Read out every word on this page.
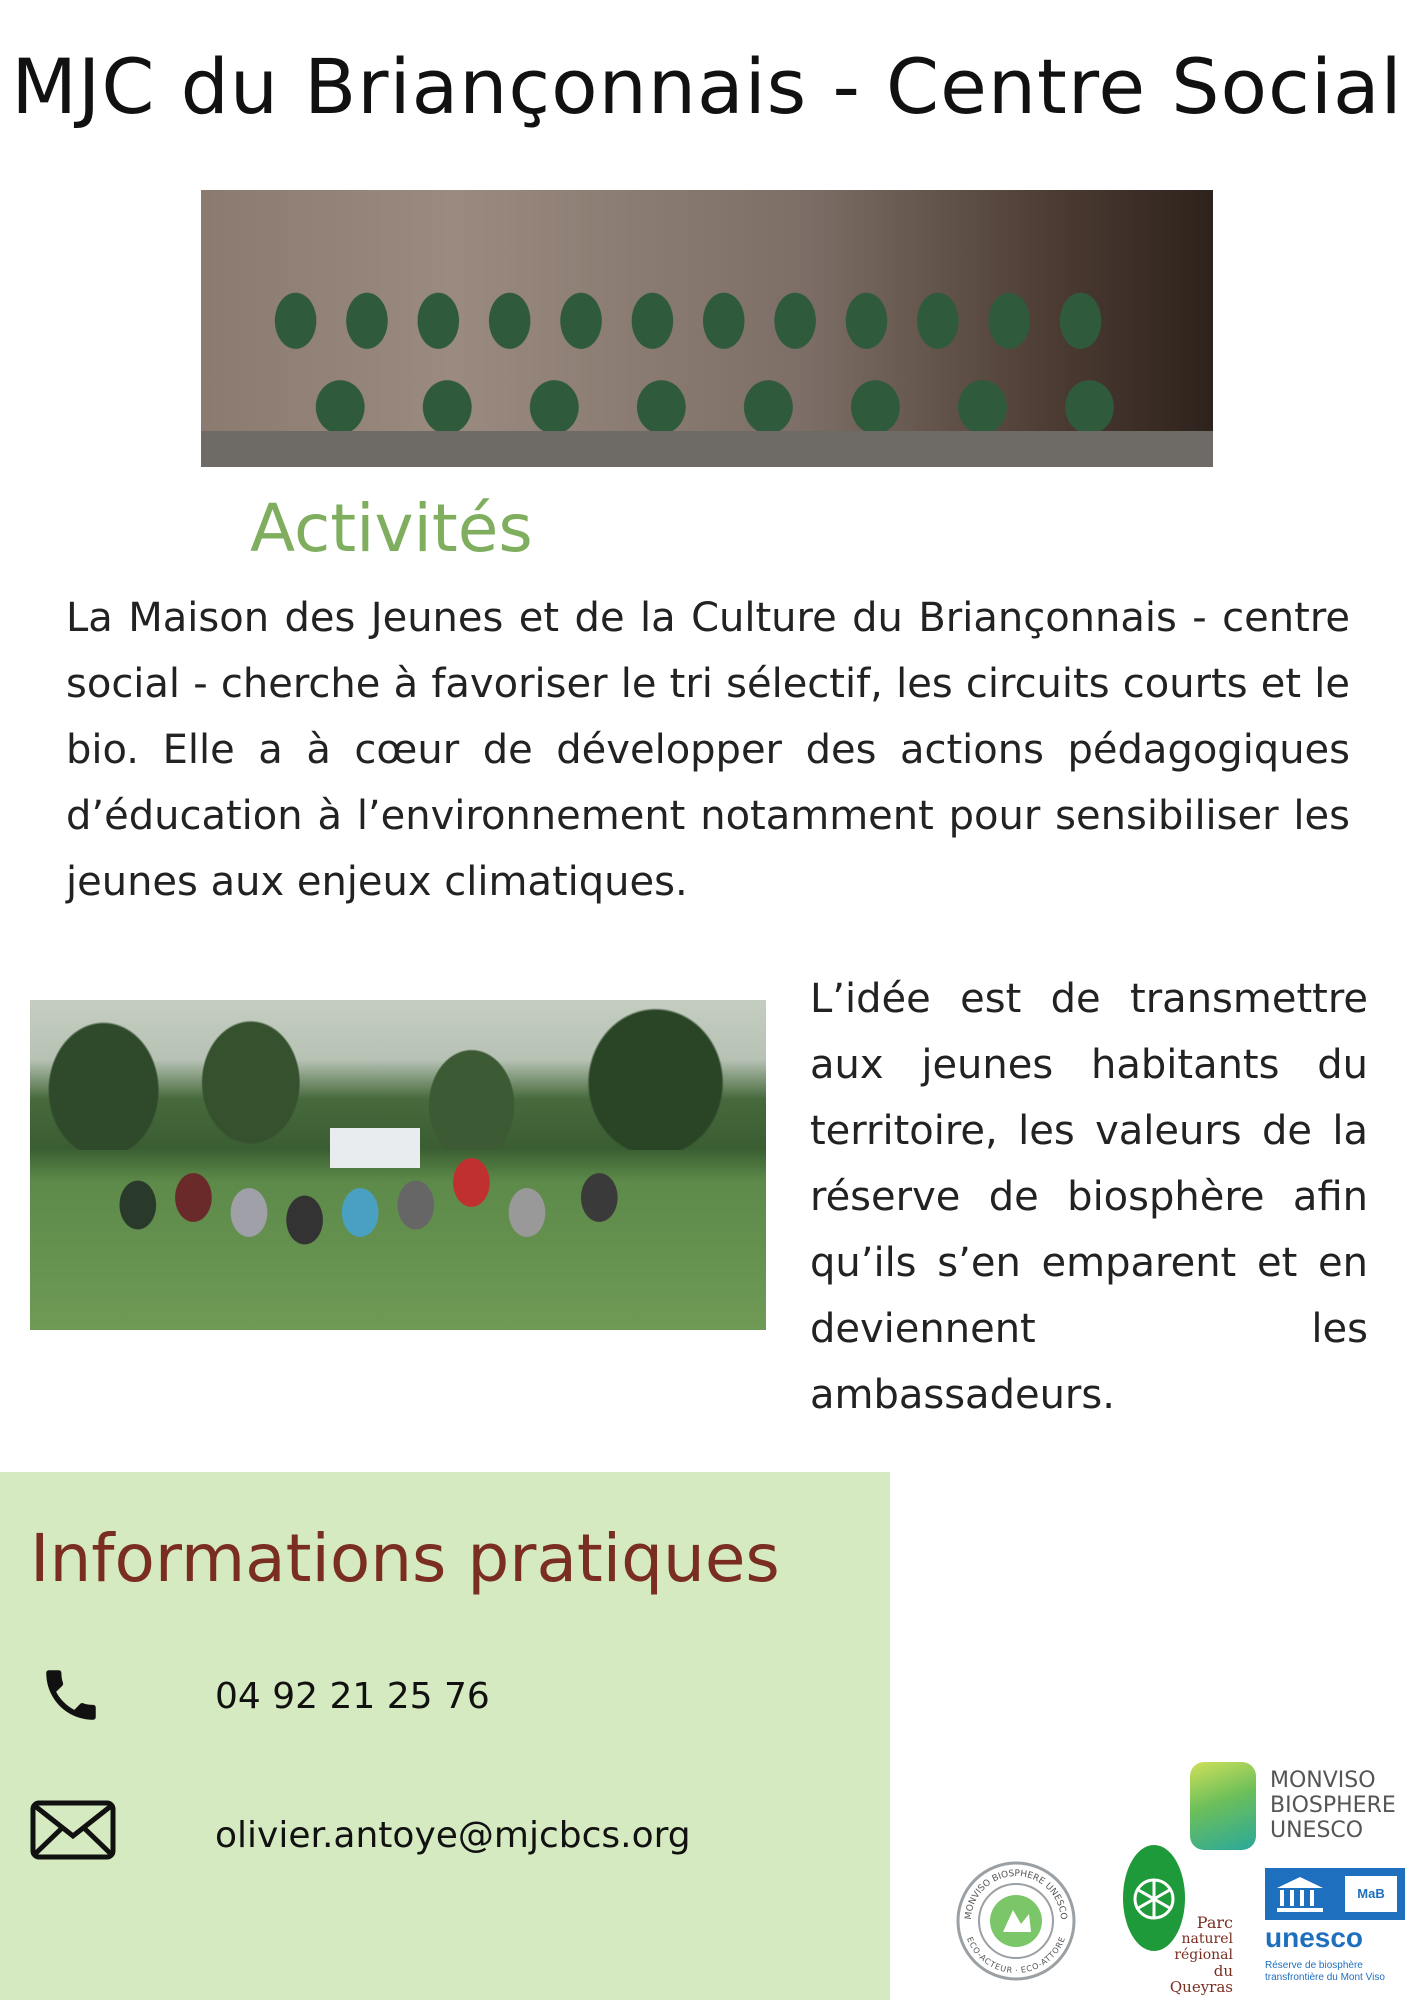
MJC du Briançonnais - Centre Social
Activités
La Maison des Jeunes et de la Culture du Briançonnais - centre social - cherche à favoriser le tri sélectif, les circuits courts et le bio. Elle a à cœur de développer des actions pédagogiques d’éducation à l’environnement notamment pour sensibiliser les jeunes aux enjeux climatiques.
L’idée est de transmettre aux jeunes habitants du territoire, les valeurs de la réserve de biosphère afin qu’ils s’en emparent et en deviennent les ambassadeurs.
Informations pratiques
04 92 21 25 76
olivier.antoye@mjcbcs.org
MONVISO
BIOSPHERE
UNESCO
MONVISO BIOSPHERE UNESCO
ECO-ACTEUR · ECO-ATTORE
Parc
naturel
régional
du Queyras
MaB
unesco
Réserve de biosphère
transfrontière du Mont Viso
